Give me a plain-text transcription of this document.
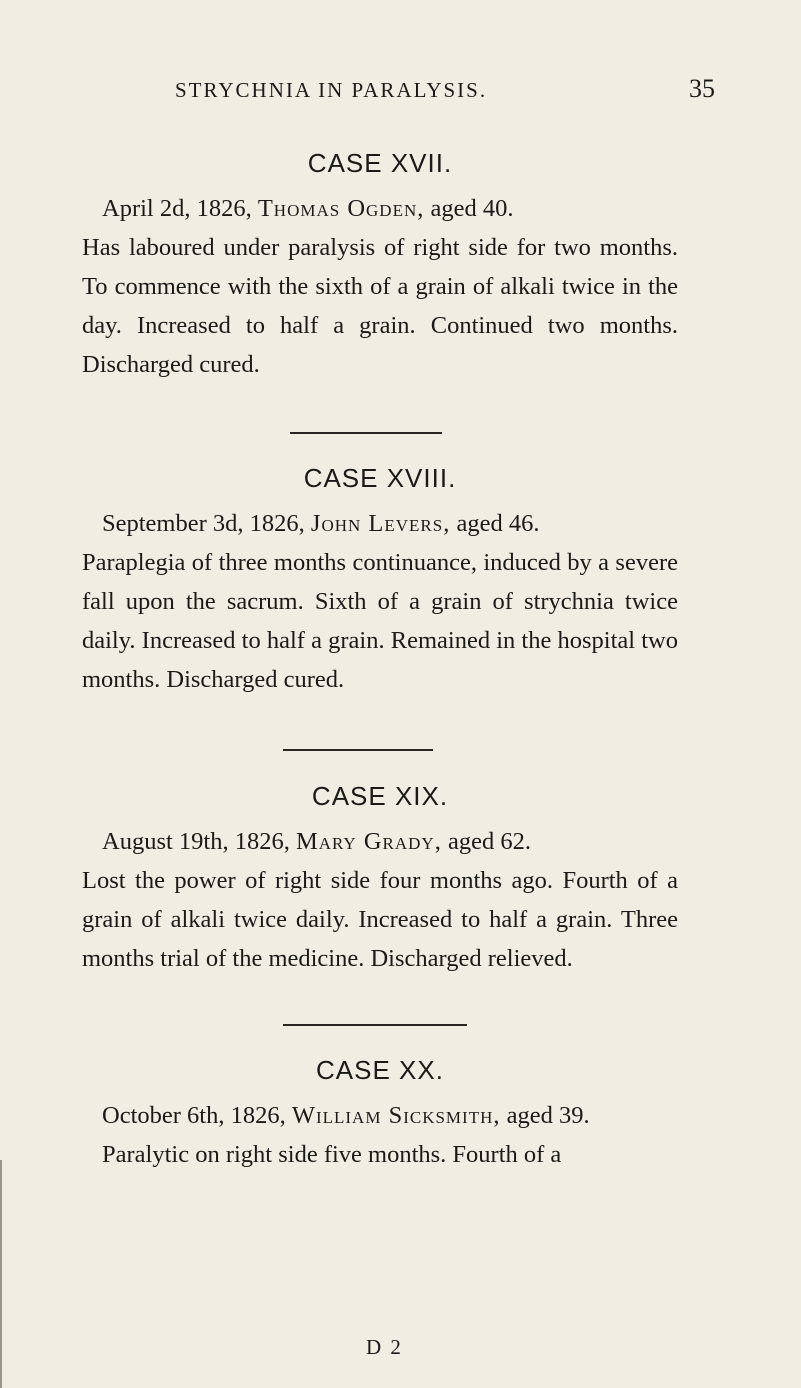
STRYCHNIA IN PARALYSIS.	35
CASE XVII.

April 2d, 1826, Thomas Ogden, aged 40.
Has laboured under paralysis of right side for two months. To commence with the sixth of a grain of alkali twice in the day. Increased to half a grain. Continued two months. Discharged cured.

CASE XVIII.

September 3d, 1826, John Levers, aged 46.
Paraplegia of three months continuance, induced by a severe fall upon the sacrum. Sixth of a grain of strychnia twice daily. Increased to half a grain. Remained in the hospital two months. Discharged cured.

CASE XIX.

August 19th, 1826, Mary Grady, aged 62.
Lost the power of right side four months ago. Fourth of a grain of alkali twice daily. Increased to half a grain. Three months trial of the medicine. Discharged relieved.

CASE XX.

October 6th, 1826, William Sicksmith, aged 39.
Paralytic on right side five months. Fourth of a

D 2
